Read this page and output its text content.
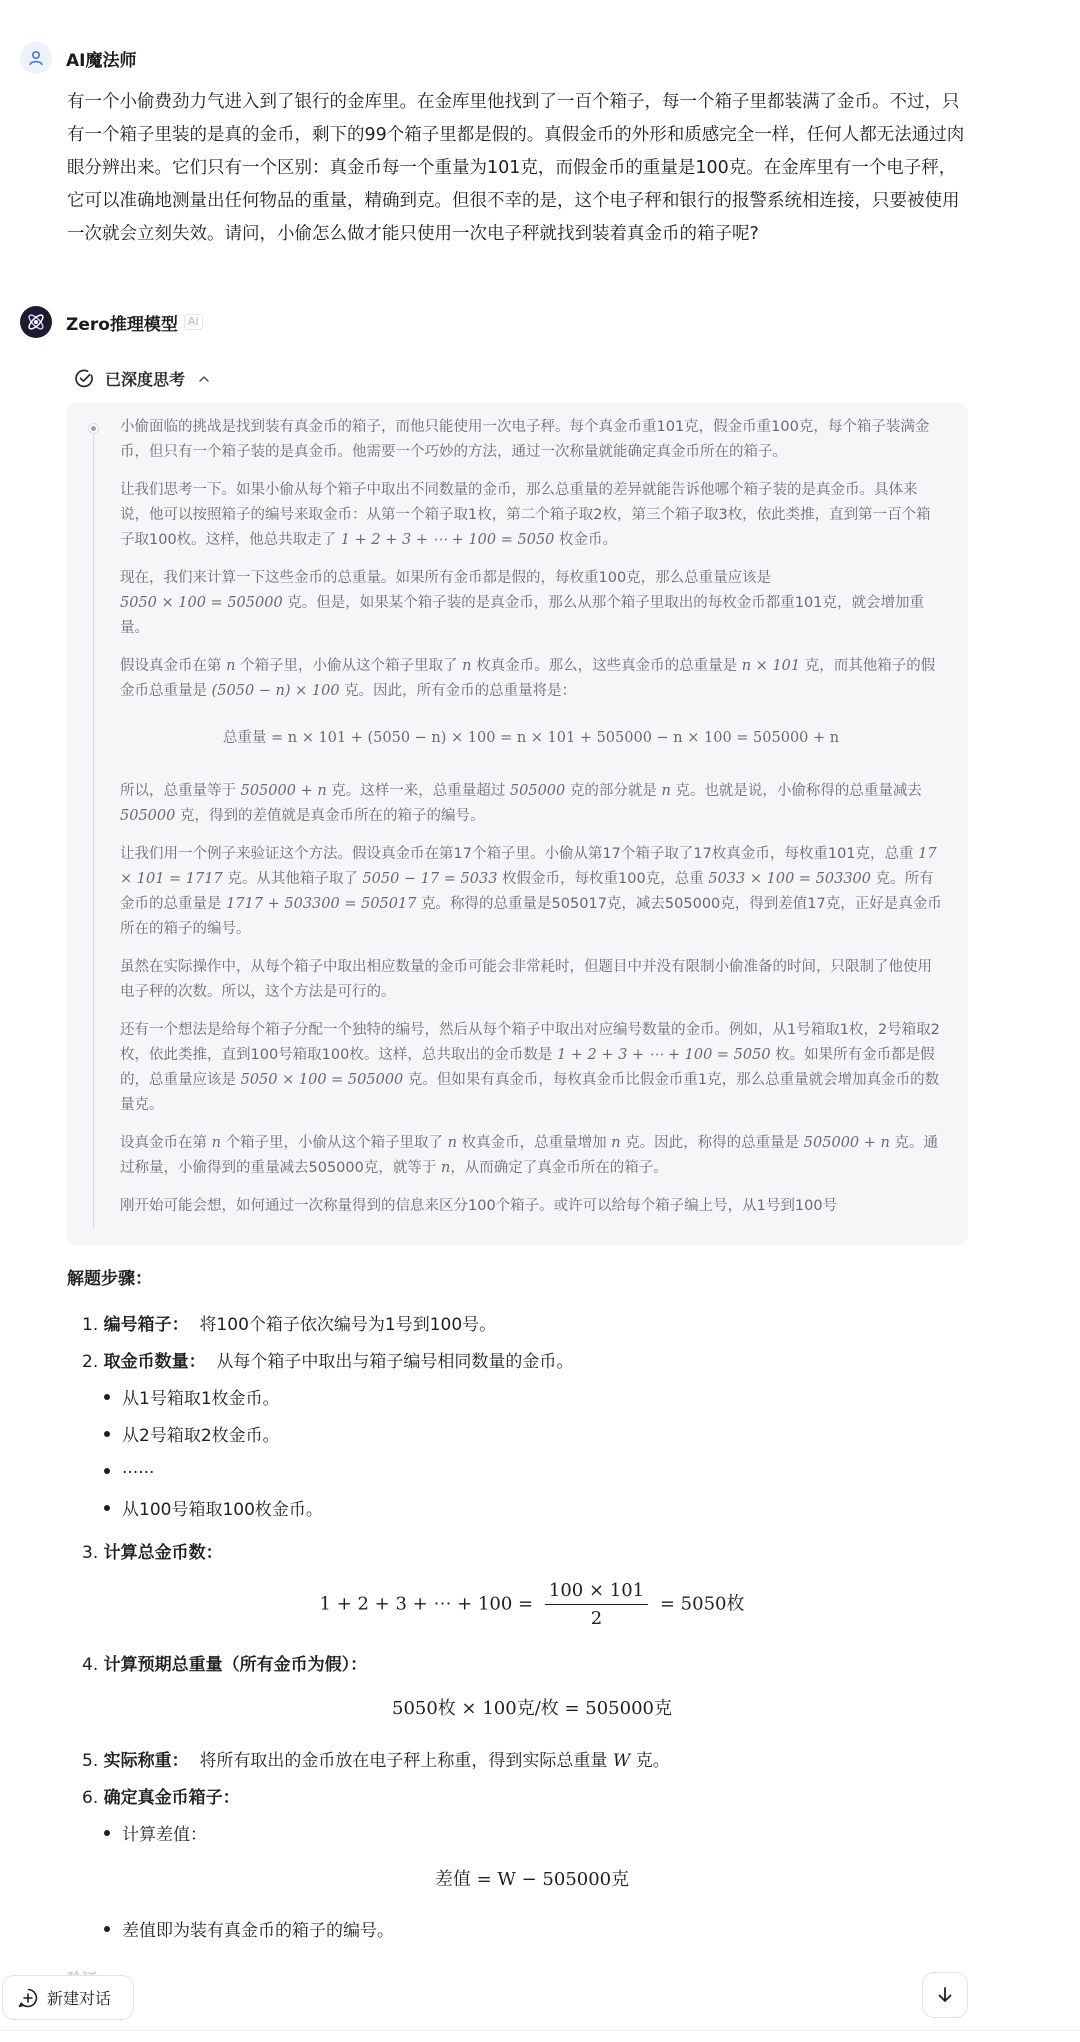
AI魔法师
有一个小偷费劲力气进入到了银行的金库里。在金库里他找到了一百个箱子，每一个箱子里都装满了金币。不过，只有一个箱子里装的是真的金币，剩下的99个箱子里都是假的。真假金币的外形和质感完全一样，任何人都无法通过肉眼分辨出来。它们只有一个区别：真金币每一个重量为101克，而假金币的重量是100克。在金库里有一个电子秤，它可以准确地测量出任何物品的重量，精确到克。但很不幸的是，这个电子秤和银行的报警系统相连接，只要被使用一次就会立刻失效。请问，小偷怎么做才能只使用一次电子秤就找到装着真金币的箱子呢?
Zero推理模型 AI
已深度思考

小偷面临的挑战是找到装有真金币的箱子，而他只能使用一次电子秤。每个真金币重101克，假金币重100克，每个箱子装满金币，但只有一个箱子装的是真金币。他需要一个巧妙的方法，通过一次称量就能确定真金币所在的箱子。

让我们思考一下。如果小偷从每个箱子中取出不同数量的金币，那么总重量的差异就能告诉他哪个箱子装的是真金币。具体来说，他可以按照箱子的编号来取金币：从第一个箱子取1枚，第二个箱子取2枚，第三个箱子取3枚，依此类推，直到第一百个箱子取100枚。这样，他总共取走了 1 + 2 + 3 + ⋯ + 100 = 5050 枚金币。

现在，我们来计算一下这些金币的总重量。如果所有金币都是假的，每枚重100克，那么总重量应该是
5050 × 100 = 505000 克。但是，如果某个箱子装的是真金币，那么从那个箱子里取出的每枚金币都重101克，就会增加重量。

假设真金币在第 n 个箱子里，小偷从这个箱子里取了 n 枚真金币。那么，这些真金币的总重量是 n × 101 克，而其他箱子的假金币总重量是 (5050 − n) × 100 克。因此，所有金币的总重量将是：

总重量 = n × 101 + (5050 − n) × 100 = n × 101 + 505000 − n × 100 = 505000 + n

所以，总重量等于 505000 + n 克。这样一来，总重量超过 505000 克的部分就是 n 克。也就是说，小偷称得的总重量减去 505000 克，得到的差值就是真金币所在的箱子的编号。

让我们用一个例子来验证这个方法。假设真金币在第17个箱子里。小偷从第17个箱子取了17枚真金币，每枚重101克，总重 17 × 101 = 1717 克。从其他箱子取了 5050 − 17 = 5033 枚假金币，每枚重100克，总重 5033 × 100 = 503300 克。所有金币的总重量是 1717 + 503300 = 505017 克。称得的总重量是505017克，减去505000克，得到差值17克，正好是真金币所在的箱子的编号。

虽然在实际操作中，从每个箱子中取出相应数量的金币可能会非常耗时，但题目中并没有限制小偷准备的时间，只限制了他使用电子秤的次数。所以，这个方法是可行的。

还有一个想法是给每个箱子分配一个独特的编号，然后从每个箱子中取出对应编号数量的金币。例如，从1号箱取1枚，2号箱取2枚，依此类推，直到100号箱取100枚。这样，总共取出的金币数是 1 + 2 + 3 + ⋯ + 100 = 5050 枚。如果所有金币都是假的，总重量应该是 5050 × 100 = 505000 克。但如果有真金币，每枚真金币比假金币重1克，那么总重量就会增加真金币的数量克。

设真金币在第 n 个箱子里，小偷从这个箱子里取了 n 枚真金币，总重量增加 n 克。因此，称得的总重量是 505000 + n 克。通过称量，小偷得到的重量减去505000克，就等于 n，从而确定了真金币所在的箱子。

刚开始可能会想，如何通过一次称量得到的信息来区分100个箱子。或许可以给每个箱子编上号，从1号到100号

解题步骤：
1. 编号箱子： 将100个箱子依次编号为1号到100号。
2. 取金币数量： 从每个箱子中取出与箱子编号相同数量的金币。
从1号箱取1枚金币。
从2号箱取2枚金币。
......
从100号箱取100枚金币。
3. 计算总金币数：
1 + 2 + 3 + ⋯ + $100 = \frac{100 \times 101}{2} = 5050$枚
4. 计算预期总重量（所有金币为假）：
5050枚 × 100克/枚 = 505000克
5. 实际称重： 将所有取出的金币放在电子秤上称重，得到实际总重量 W 克。
6. 确定真金币箱子：
计算差值：
差值 = W − 505000克
差值即为装有真金币的箱子的编号。
新建对话
